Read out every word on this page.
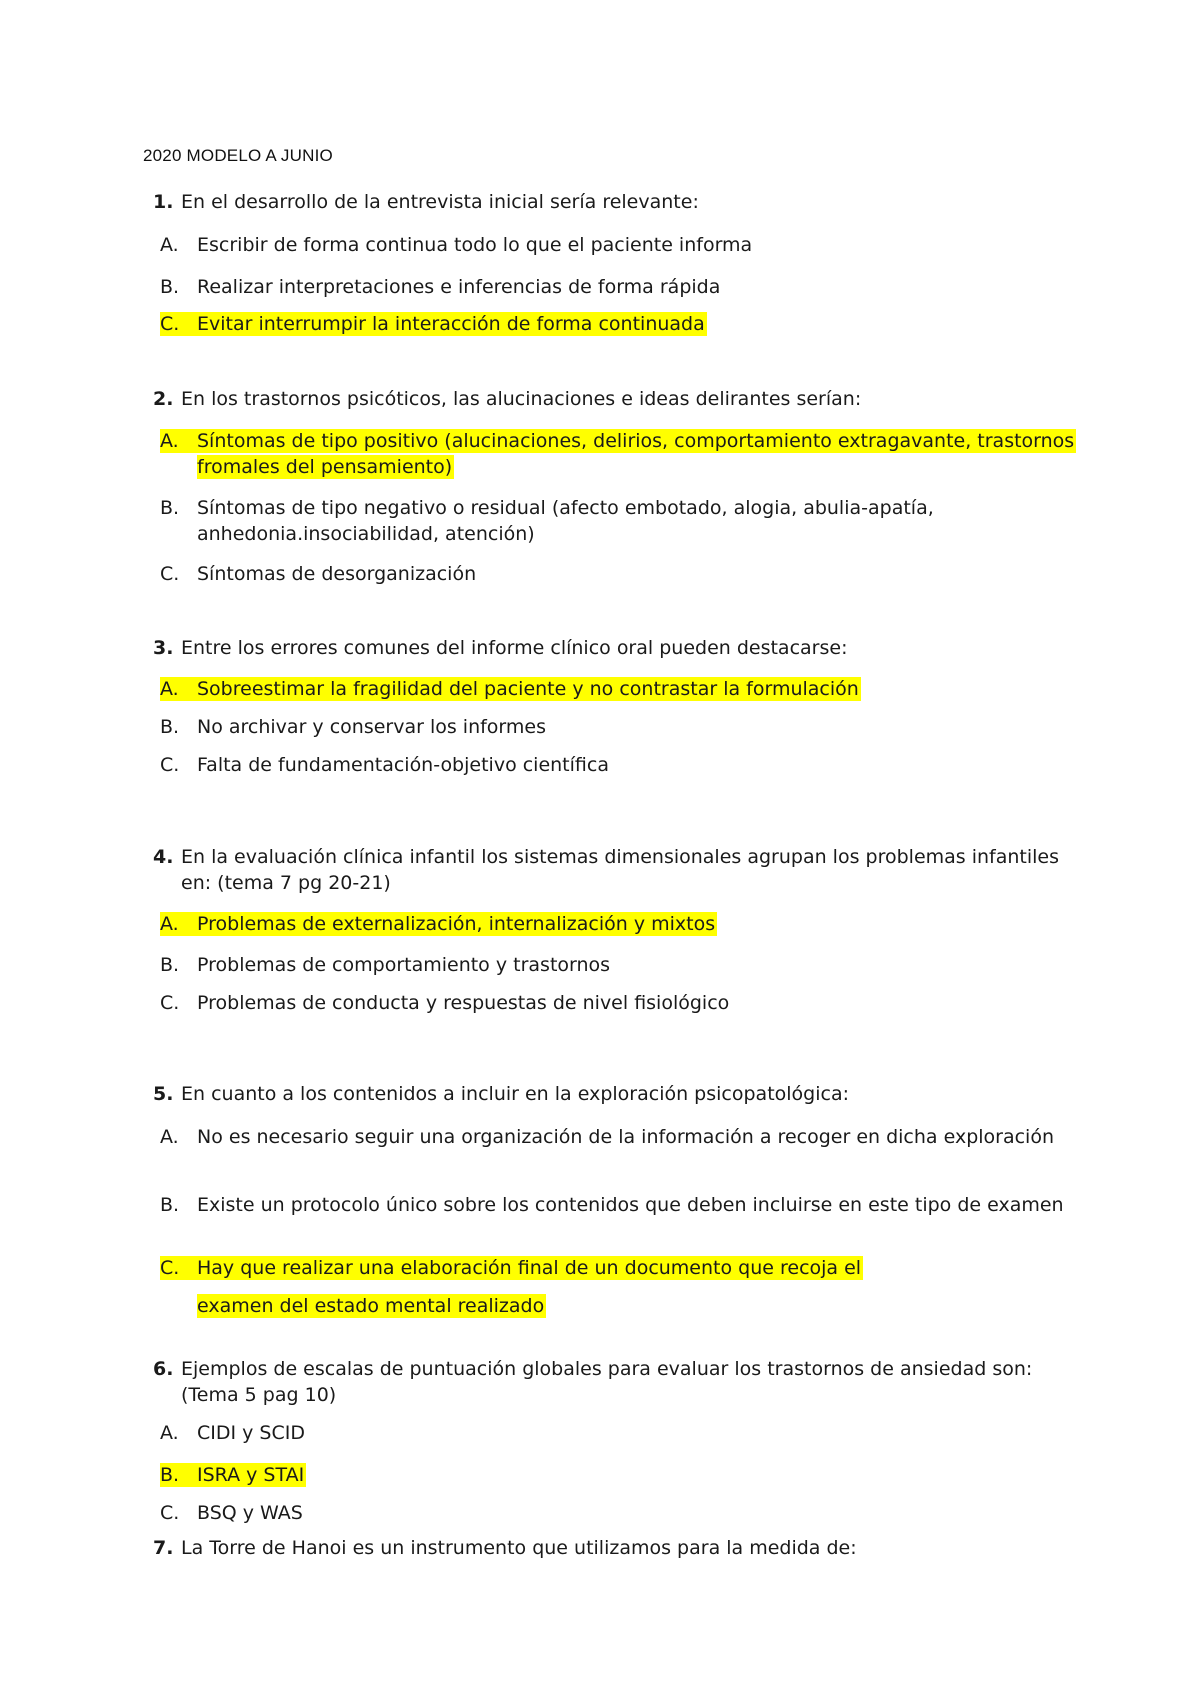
2020 MODELO A JUNIO
1. En el desarrollo de la entrevista inicial sería relevante:
A. Escribir de forma continua todo lo que el paciente informa
B. Realizar interpretaciones e inferencias de forma rápida
C. Evitar interrumpir la interacción de forma continuada
2. En los trastornos psicóticos, las alucinaciones e ideas delirantes serían:
A. Síntomas de tipo positivo (alucinaciones, delirios, comportamiento extragavante, trastornos fromales del pensamiento)
B. Síntomas de tipo negativo o residual (afecto embotado, alogia, abulia-apatía, anhedonia.insociabilidad, atención)
C. Síntomas de desorganización
3. Entre los errores comunes del informe clínico oral pueden destacarse:
A. Sobreestimar la fragilidad del paciente y no contrastar la formulación
B. No archivar y conservar los informes
C. Falta de fundamentación-objetivo científica
4. En la evaluación clínica infantil los sistemas dimensionales agrupan los problemas infantiles en: (tema 7 pg 20-21)
A. Problemas de externalización, internalización y mixtos
B. Problemas de comportamiento y trastornos
C. Problemas de conducta y respuestas de nivel fisiológico
5. En cuanto a los contenidos a incluir en la exploración psicopatológica:
A. No es necesario seguir una organización de la información a recoger en dicha exploración
B. Existe un protocolo único sobre los contenidos que deben incluirse en este tipo de examen
C. Hay que realizar una elaboración final de un documento que recoja el
examen del estado mental realizado
6. Ejemplos de escalas de puntuación globales para evaluar los trastornos de ansiedad son: (Tema 5 pag 10)
A. CIDI y SCID
B. ISRA y STAI
C. BSQ y WAS
7. La Torre de Hanoi es un instrumento que utilizamos para la medida de:
